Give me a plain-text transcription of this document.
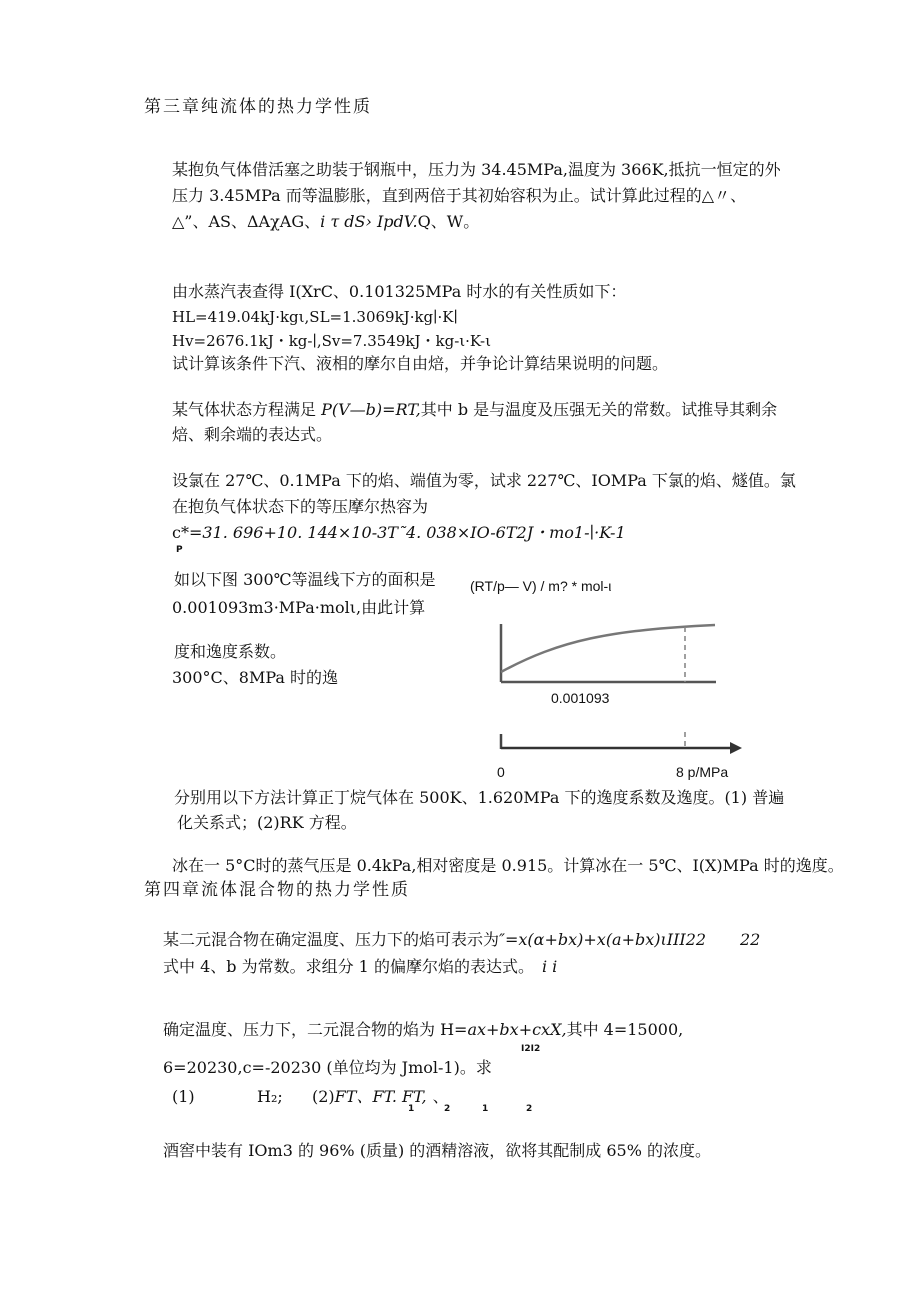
第三章纯流体的热力学性质
某抱负气体借活塞之助装于钢瓶中，压力为 34.45MPa,温度为 366K,抵抗一恒定的外
压力 3.45MPa 而等温膨胀，直到两倍于其初始容积为止。试计算此过程的△〃、
△”、AS、ΔAχAG、i τ dS› IpdV.Q、W。
由水蒸汽表查得 I(XrC、0.101325MPa 时水的有关性质如下：
HL=419.04kJ·kgι,SL=1.3069kJ·kg∣·K∣
Hv=2676.1kJ・kg-∣,Sv=7.3549kJ・kg-ι·K-ι
试计算该条件下汽、液相的摩尔自由焙，并争论计算结果说明的问题。
某气体状态方程满足 P(V—b)=RT,其中 b 是与温度及压强无关的常数。试推导其剩余
焙、剩余端的表达式。
设氯在 27℃、0.1MPa 下的焰、端值为零，试求 227℃、IOMPa 下氯的焰、燧值。氯
在抱负气体状态下的等压摩尔热容为
c*=31. 696+10. 144×10-3T˜4. 038×IO-6T2J・mo1-∣·K-1
P
如以下图 300℃等温线下方的面积是
0.001093m3·MPa·molι,由此计算
度和逸度系数。
300°C、8MPa 时的逸
(RT/p— V) / m? * mol-ι
0.001093
0	8 p/MPa
分别用以下方法计算正丁烷气体在 500K、1.620MPa 下的逸度系数及逸度。(1) 普遍
化关系式；(2)RK 方程。
冰在一 5°C时的蒸气压是 0.4kPa,相对密度是 0.915。计算冰在一 5℃、I(X)MPa 时的逸度。
第四章流体混合物的热力学性质
某二元混合物在确定温度、压力下的焰可表示为″=x(α+bx)+x(a+bx)ιIII22 22
式中 4、b 为常数。求组分 1 的偏摩尔焰的表达式。 i i
确定温度、压力下，二元混合物的焰为 H=ax+bx+cxX,其中 4=15000,
I2I2
6=20230,c=-20230 (单位均为 Jmol-1)。求
(1)	H₂; (2)FT、FT. FT, 、
1	2	1	2
酒窖中装有 IOm3 的 96% (质量) 的酒精溶液，欲将其配制成 65% 的浓度。
